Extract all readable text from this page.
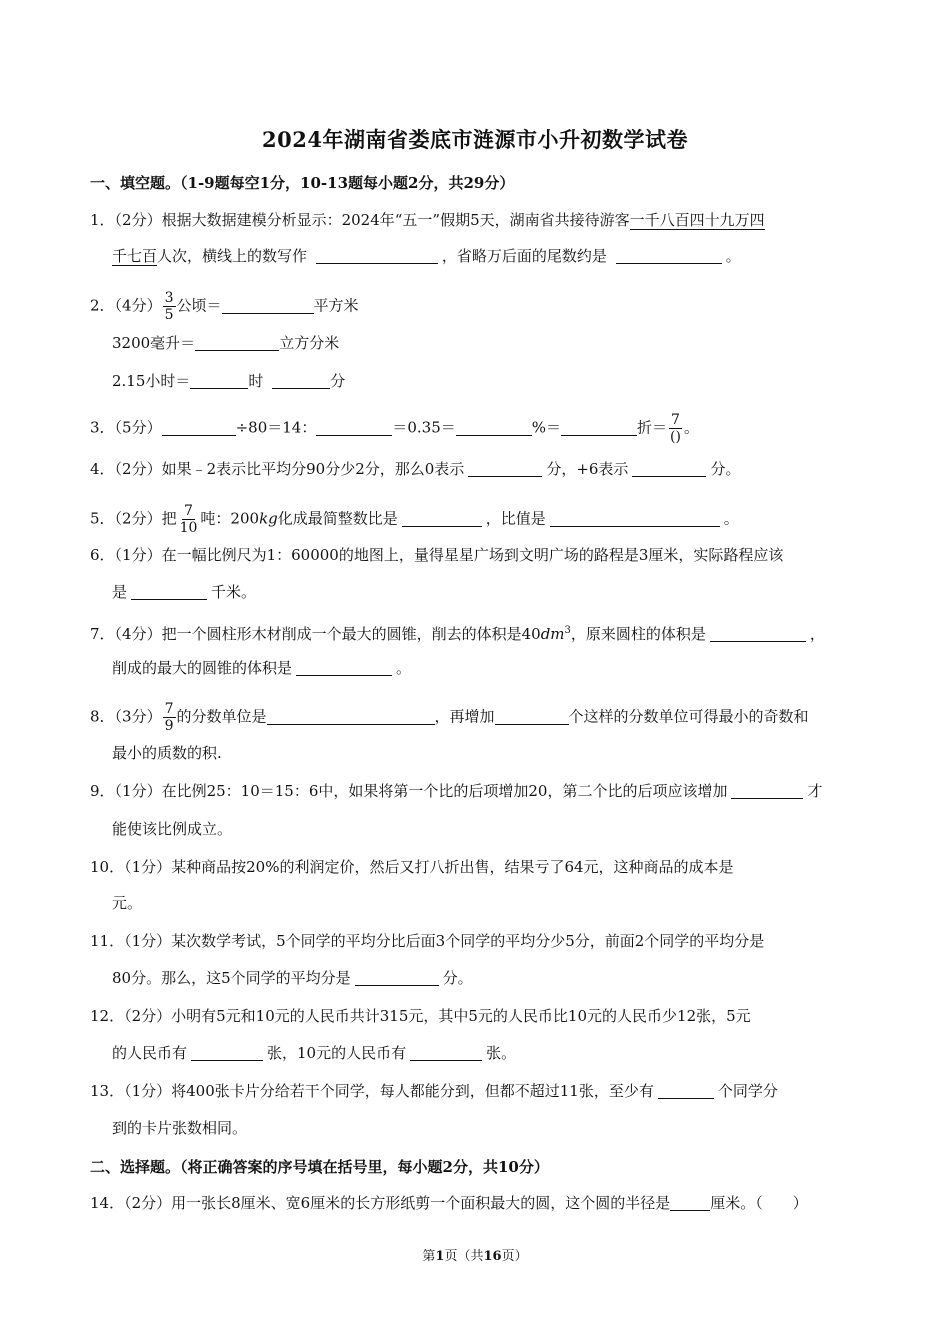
2024年湖南省娄底市涟源市小升初数学试卷
一、填空题。（1-9题每空1分，10-13题每小题2分，共29分）
1．（2分）根据大数据建模分析显示：2024年“五一”假期5天，湖南省共接待游客一千八百四十九万四
千七百人次，横线上的数写作	，省略万后面的尾数约是	。
2．（4分） $\frac{3}{5}$ 公顷＝	平方米
3200毫升＝	立方分米
2.15小时＝	时	分
3．（5分）	÷80＝14：	＝0.35＝	%＝	折＝ $\frac{7}{()}$ 。
4．（2分）如果﹣2表示比平均分90分少2分，那么0表示	分，+6表示	分。
5．（2分）把 $\frac{7}{10}$ 吨：200kg化成最简整数比是	，比值是	。
6．（1分）在一幅比例尺为1：60000的地图上，量得星星广场到文明广场的路程是3厘米，实际路程应该
是	千米。
7．（4分）把一个圆柱形木材削成一个最大的圆锥，削去的体积是$40dm^3$，原来圆柱的体积是	，
削成的最大的圆锥的体积是	。
8．（3分） $\frac{7}{9}$ 的分数单位是	，再增加	个这样的分数单位可得最小的奇数和
最小的质数的积.
9．（1分）在比例25：10＝15：6中，如果将第一个比的后项增加20，第二个比的后项应该增加	才
能使该比例成立。
10．（1分）某种商品按20%的利润定价，然后又打八折出售，结果亏了64元，这种商品的成本是
元。
11．（1分）某次数学考试，5个同学的平均分比后面3个同学的平均分少5分，前面2个同学的平均分是
80分。那么，这5个同学的平均分是	分。
12．（2分）小明有5元和10元的人民币共计315元，其中5元的人民币比10元的人民币少12张，5元
的人民币有	张，10元的人民币有	张。
13．（1分）将400张卡片分给若干个同学，每人都能分到，但都不超过11张，至少有	个同学分
到的卡片张数相同。
二、选择题。（将正确答案的序号填在括号里，每小题2分，共10分）
14．（2分）用一张长8厘米、宽6厘米的长方形纸剪一个面积最大的圆，这个圆的半径是	厘米。（　　）
第1页（共16页）
